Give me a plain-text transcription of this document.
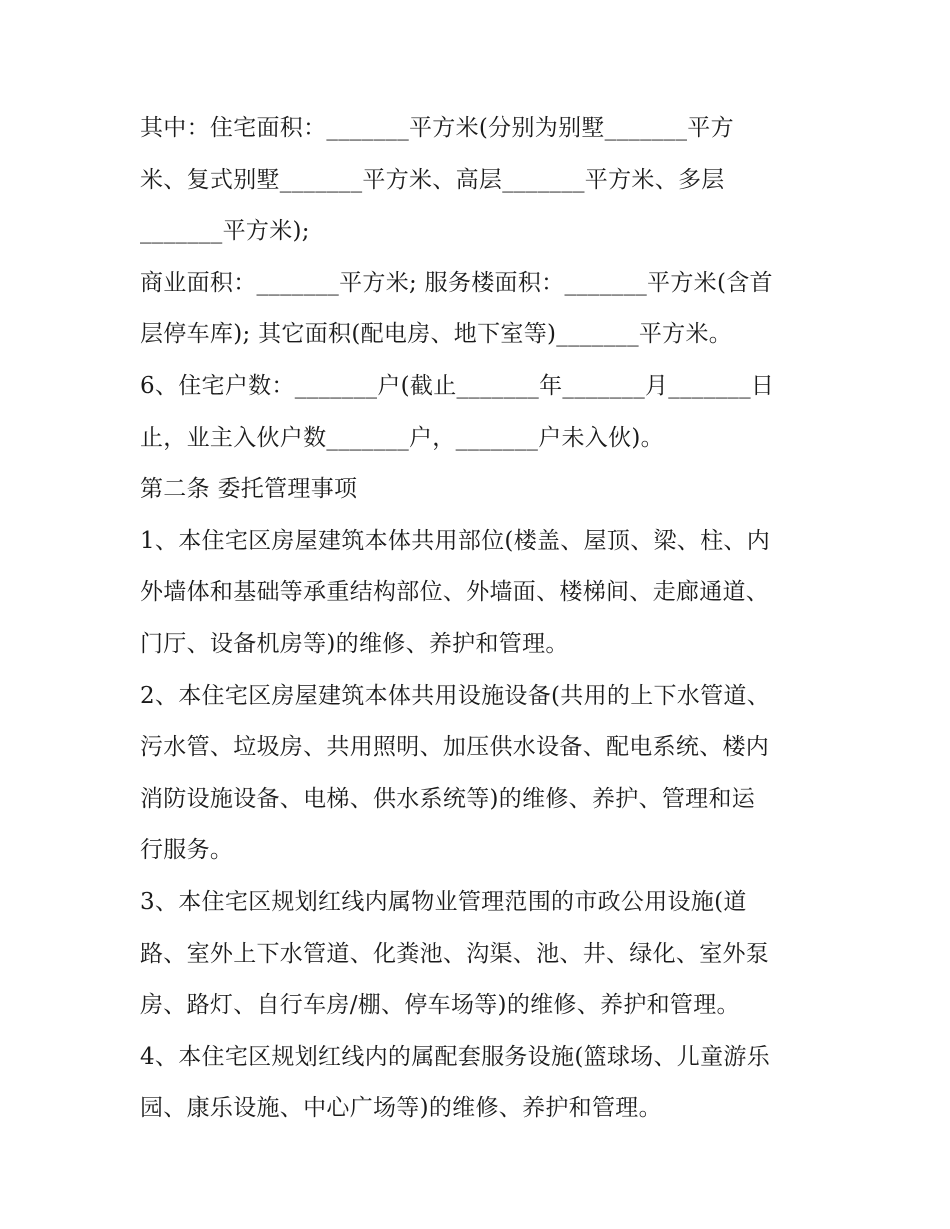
其中：住宅面积：_______平方米(分别为别墅_______平方
米、复式别墅_______平方米、高层_______平方米、多层
_______平方米);
商业面积：_______平方米; 服务楼面积：_______平方米(含首
层停车库); 其它面积(配电房、地下室等)_______平方米。
6、住宅户数：_______户(截止_______年_______月_______日
止，业主入伙户数_______户，_______户未入伙)。
第二条 委托管理事项
1、本住宅区房屋建筑本体共用部位(楼盖、屋顶、梁、柱、内
外墙体和基础等承重结构部位、外墙面、楼梯间、走廊通道、
门厅、设备机房等)的维修、养护和管理。
2、本住宅区房屋建筑本体共用设施设备(共用的上下水管道、
污水管、垃圾房、共用照明、加压供水设备、配电系统、楼内
消防设施设备、电梯、供水系统等)的维修、养护、管理和运
行服务。
3、本住宅区规划红线内属物业管理范围的市政公用设施(道
路、室外上下水管道、化粪池、沟渠、池、井、绿化、室外泵
房、路灯、自行车房/棚、停车场等)的维修、养护和管理。
4、本住宅区规划红线内的属配套服务设施(篮球场、儿童游乐
园、康乐设施、中心广场等)的维修、养护和管理。
